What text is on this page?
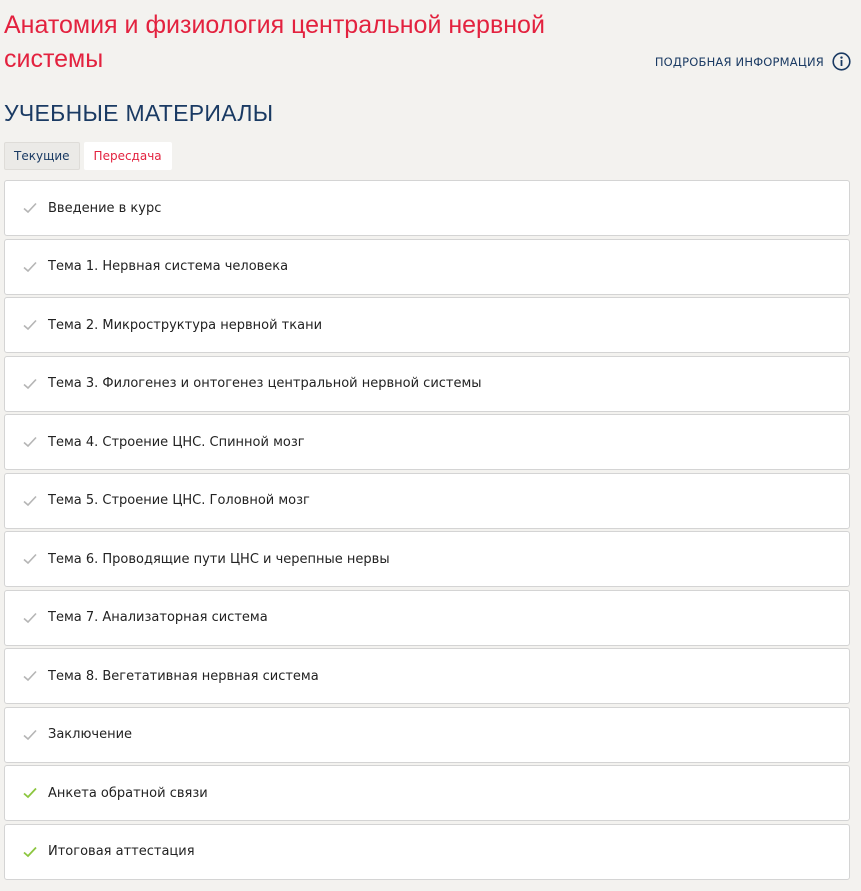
Анатомия и физиология центральной нервной системы	ПОДРОБНАЯ ИНФОРМАЦИЯ
УЧЕБНЫЕ МАТЕРИАЛЫ
Текущие	Пересдача
Введение в курс
Тема 1. Нервная система человека
Тема 2. Микроструктура нервной ткани
Тема 3. Филогенез и онтогенез центральной нервной системы
Тема 4. Строение ЦНС. Спинной мозг
Тема 5. Строение ЦНС. Головной мозг
Тема 6. Проводящие пути ЦНС и черепные нервы
Тема 7. Анализаторная система
Тема 8. Вегетативная нервная система
Заключение
Анкета обратной связи
Итоговая аттестация
